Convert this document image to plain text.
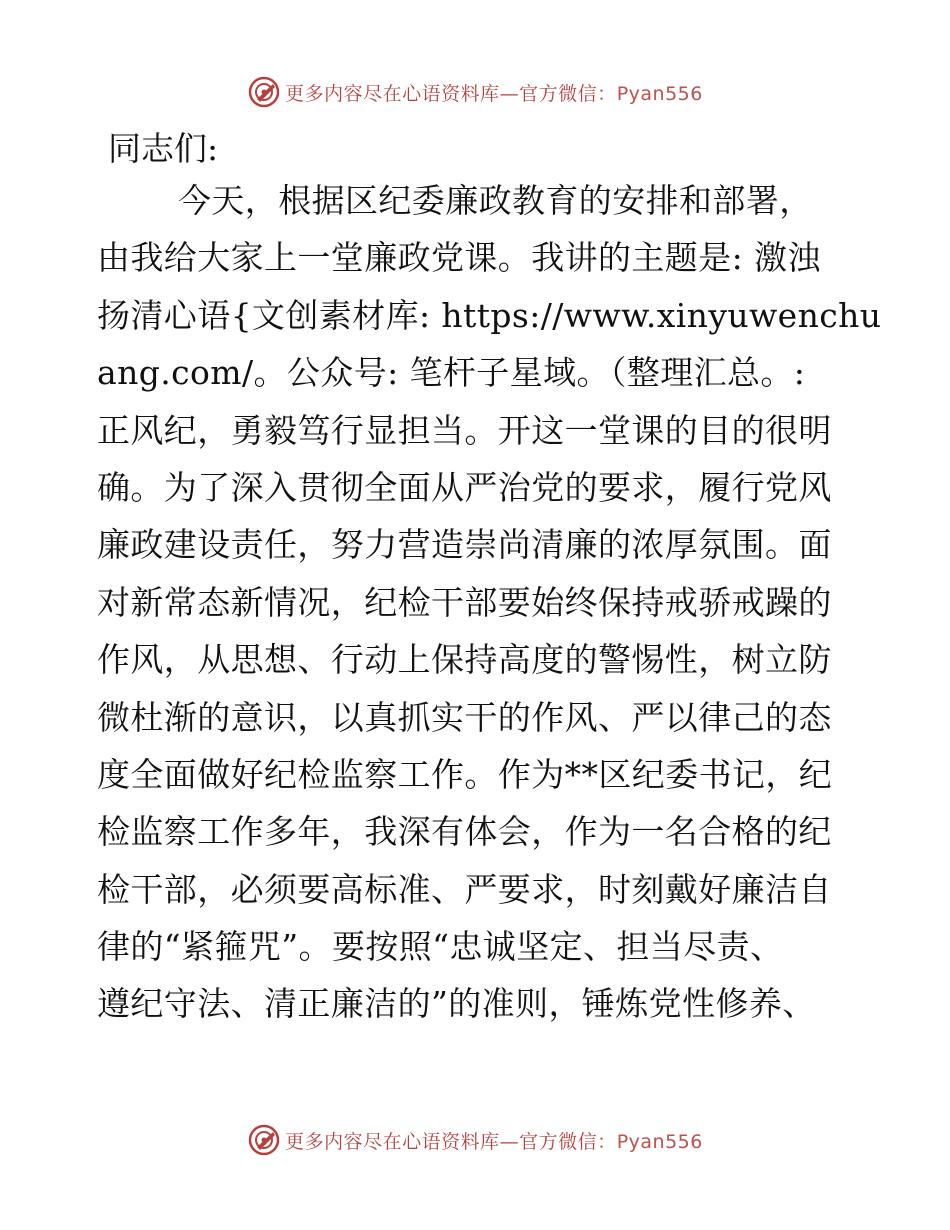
更多内容尽在心语资料库—官方微信：Pyan556
同志们:
今天，根据区纪委廉政教育的安排和部署，
由我给大家上一堂廉政党课。我讲的主题是: 激浊
扬清心语{文创素材库: https://www.xinyuwenchu
ang.com/。公众号: 笔杆子星域。（整理汇总。:
正风纪，勇毅笃行显担当。开这一堂课的目的很明
确。为了深入贯彻全面从严治党的要求，履行党风
廉政建设责任，努力营造崇尚清廉的浓厚氛围。面
对新常态新情况，纪检干部要始终保持戒骄戒躁的
作风，从思想、行动上保持高度的警惕性，树立防
微杜渐的意识，以真抓实干的作风、严以律己的态
度全面做好纪检监察工作。作为**区纪委书记，纪
检监察工作多年，我深有体会，作为一名合格的纪
检干部，必须要高标准、严要求，时刻戴好廉洁自
律的“紧箍咒”。要按照“忠诚坚定、担当尽责、
遵纪守法、清正廉洁的”的准则，锤炼党性修养、
更多内容尽在心语资料库—官方微信：Pyan556
